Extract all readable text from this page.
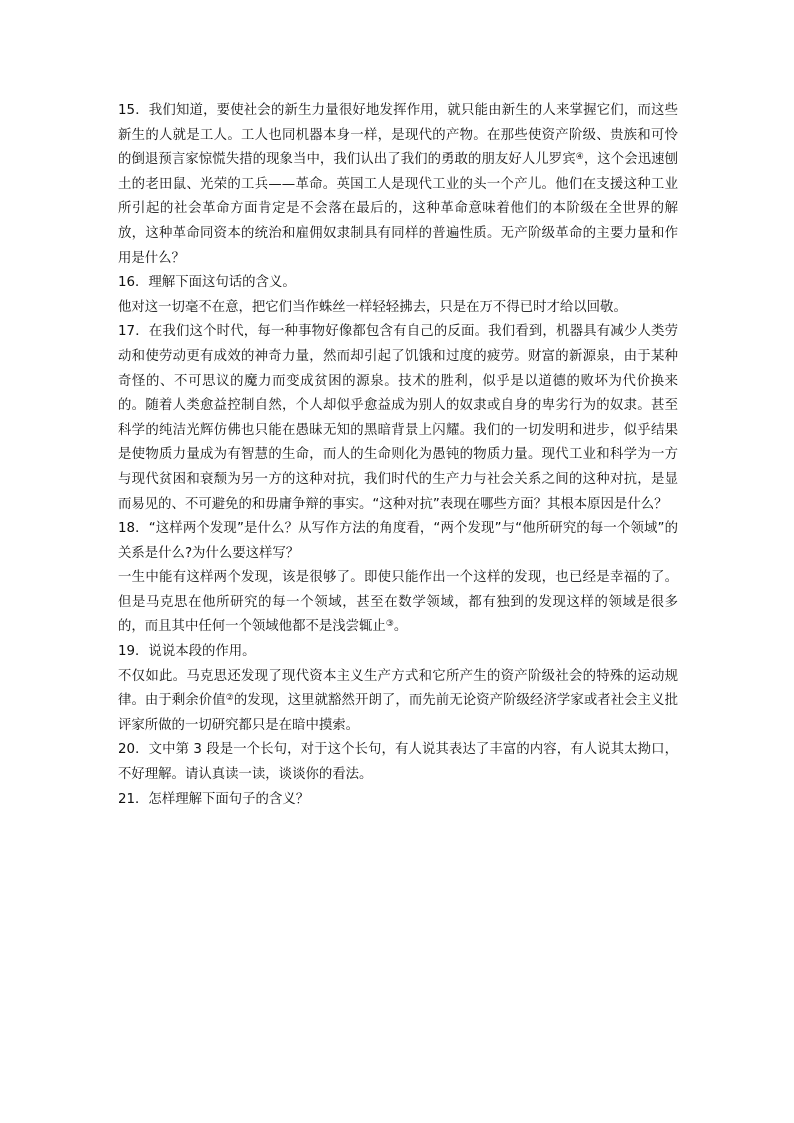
15．我们知道，要使社会的新生力量很好地发挥作用，就只能由新生的人来掌握它们，而这些新生的人就是工人。工人也同机器本身一样，是现代的产物。在那些使资产阶级、贵族和可怜的倒退预言家惊慌失措的现象当中，我们认出了我们的勇敢的朋友好人儿罗宾④，这个会迅速刨土的老田鼠、光荣的工兵——革命。英国工人是现代工业的头一个产儿。他们在支援这种工业所引起的社会革命方面肯定是不会落在最后的，这种革命意味着他们的本阶级在全世界的解放，这种革命同资本的统治和雇佣奴隶制具有同样的普遍性质。无产阶级革命的主要力量和作用是什么？

16．理解下面这句话的含义。

他对这一切毫不在意，把它们当作蛛丝一样轻轻拂去，只是在万不得已时才给以回敬。

17．在我们这个时代，每一种事物好像都包含有自己的反面。我们看到，机器具有减少人类劳动和使劳动更有成效的神奇力量，然而却引起了饥饿和过度的疲劳。财富的新源泉，由于某种奇怪的、不可思议的魔力而变成贫困的源泉。技术的胜利，似乎是以道德的败坏为代价换来的。随着人类愈益控制自然，个人却似乎愈益成为别人的奴隶或自身的卑劣行为的奴隶。甚至科学的纯洁光辉仿佛也只能在愚昧无知的黑暗背景上闪耀。我们的一切发明和进步，似乎结果是使物质力量成为有智慧的生命，而人的生命则化为愚钝的物质力量。现代工业和科学为一方与现代贫困和衰颓为另一方的这种对抗，我们时代的生产力与社会关系之间的这种对抗，是显而易见的、不可避免的和毋庸争辩的事实。“这种对抗”表现在哪些方面？其根本原因是什么？

18．“这样两个发现”是什么？从写作方法的角度看，“两个发现”与“他所研究的每一个领域”的关系是什么?为什么要这样写？

一生中能有这样两个发现，该是很够了。即使只能作出一个这样的发现，也已经是幸福的了。但是马克思在他所研究的每一个领域，甚至在数学领域，都有独到的发现这样的领域是很多的，而且其中任何一个领域他都不是浅尝辄止③。

19．说说本段的作用。

不仅如此。马克思还发现了现代资本主义生产方式和它所产生的资产阶级社会的特殊的运动规律。由于剩余价值②的发现，这里就豁然开朗了，而先前无论资产阶级经济学家或者社会主义批评家所做的一切研究都只是在暗中摸索。

20．文中第 3 段是一个长句，对于这个长句，有人说其表达了丰富的内容，有人说其太拗口，不好理解。请认真读一读，谈谈你的看法。

21．怎样理解下面句子的含义？
